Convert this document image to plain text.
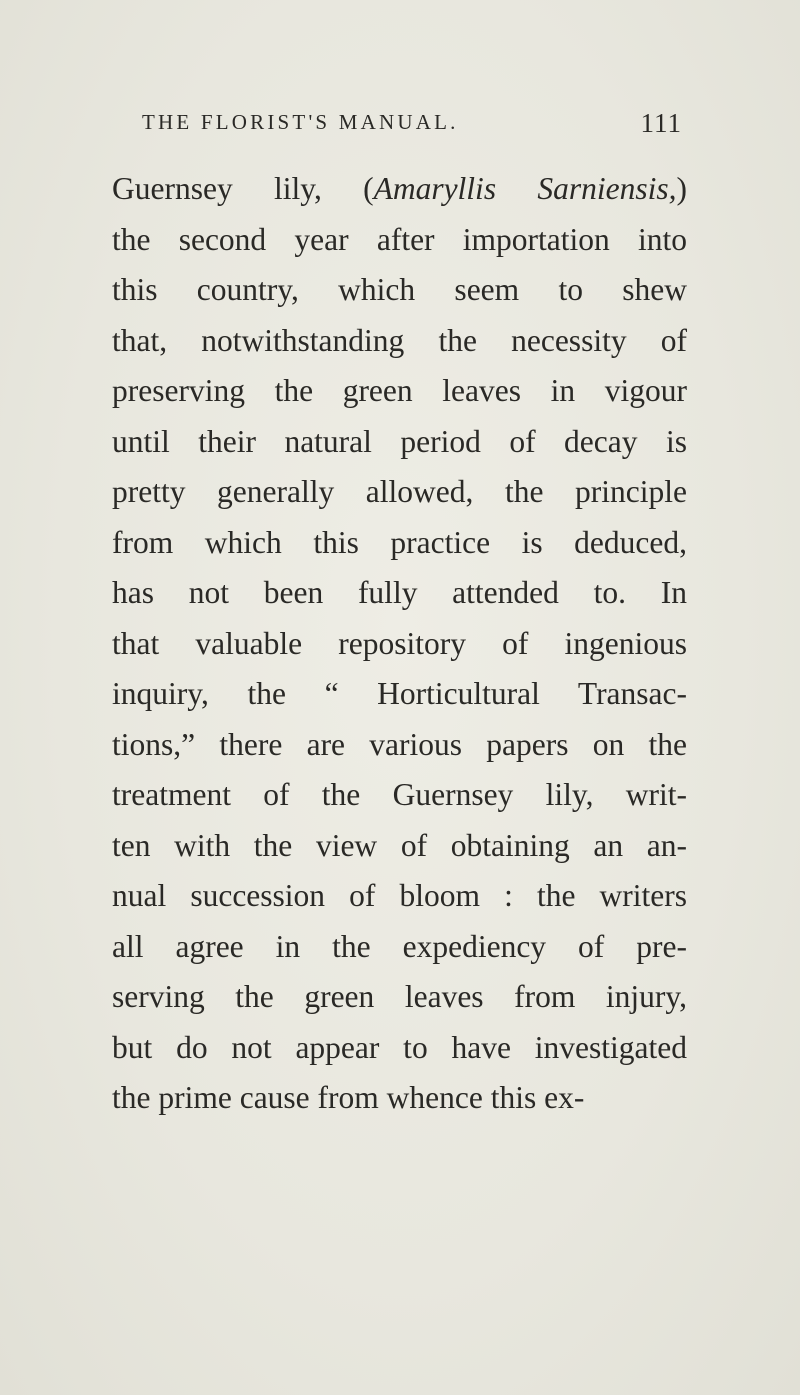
THE FLORIST'S MANUAL.	111
Guernsey lily, (Amaryllis Sarniensis,)
the second year after importation into
this country, which seem to shew
that, notwithstanding the necessity of
preserving the green leaves in vigour
until their natural period of decay is
pretty generally allowed, the principle
from which this practice is deduced,
has not been fully attended to. In
that valuable repository of ingenious
inquiry, the “ Horticultural Transac-
tions,” there are various papers on the
treatment of the Guernsey lily, writ-
ten with the view of obtaining an an-
nual succession of bloom : the writers
all agree in the expediency of pre-
serving the green leaves from injury,
but do not appear to have investigated
the prime cause from whence this ex-
